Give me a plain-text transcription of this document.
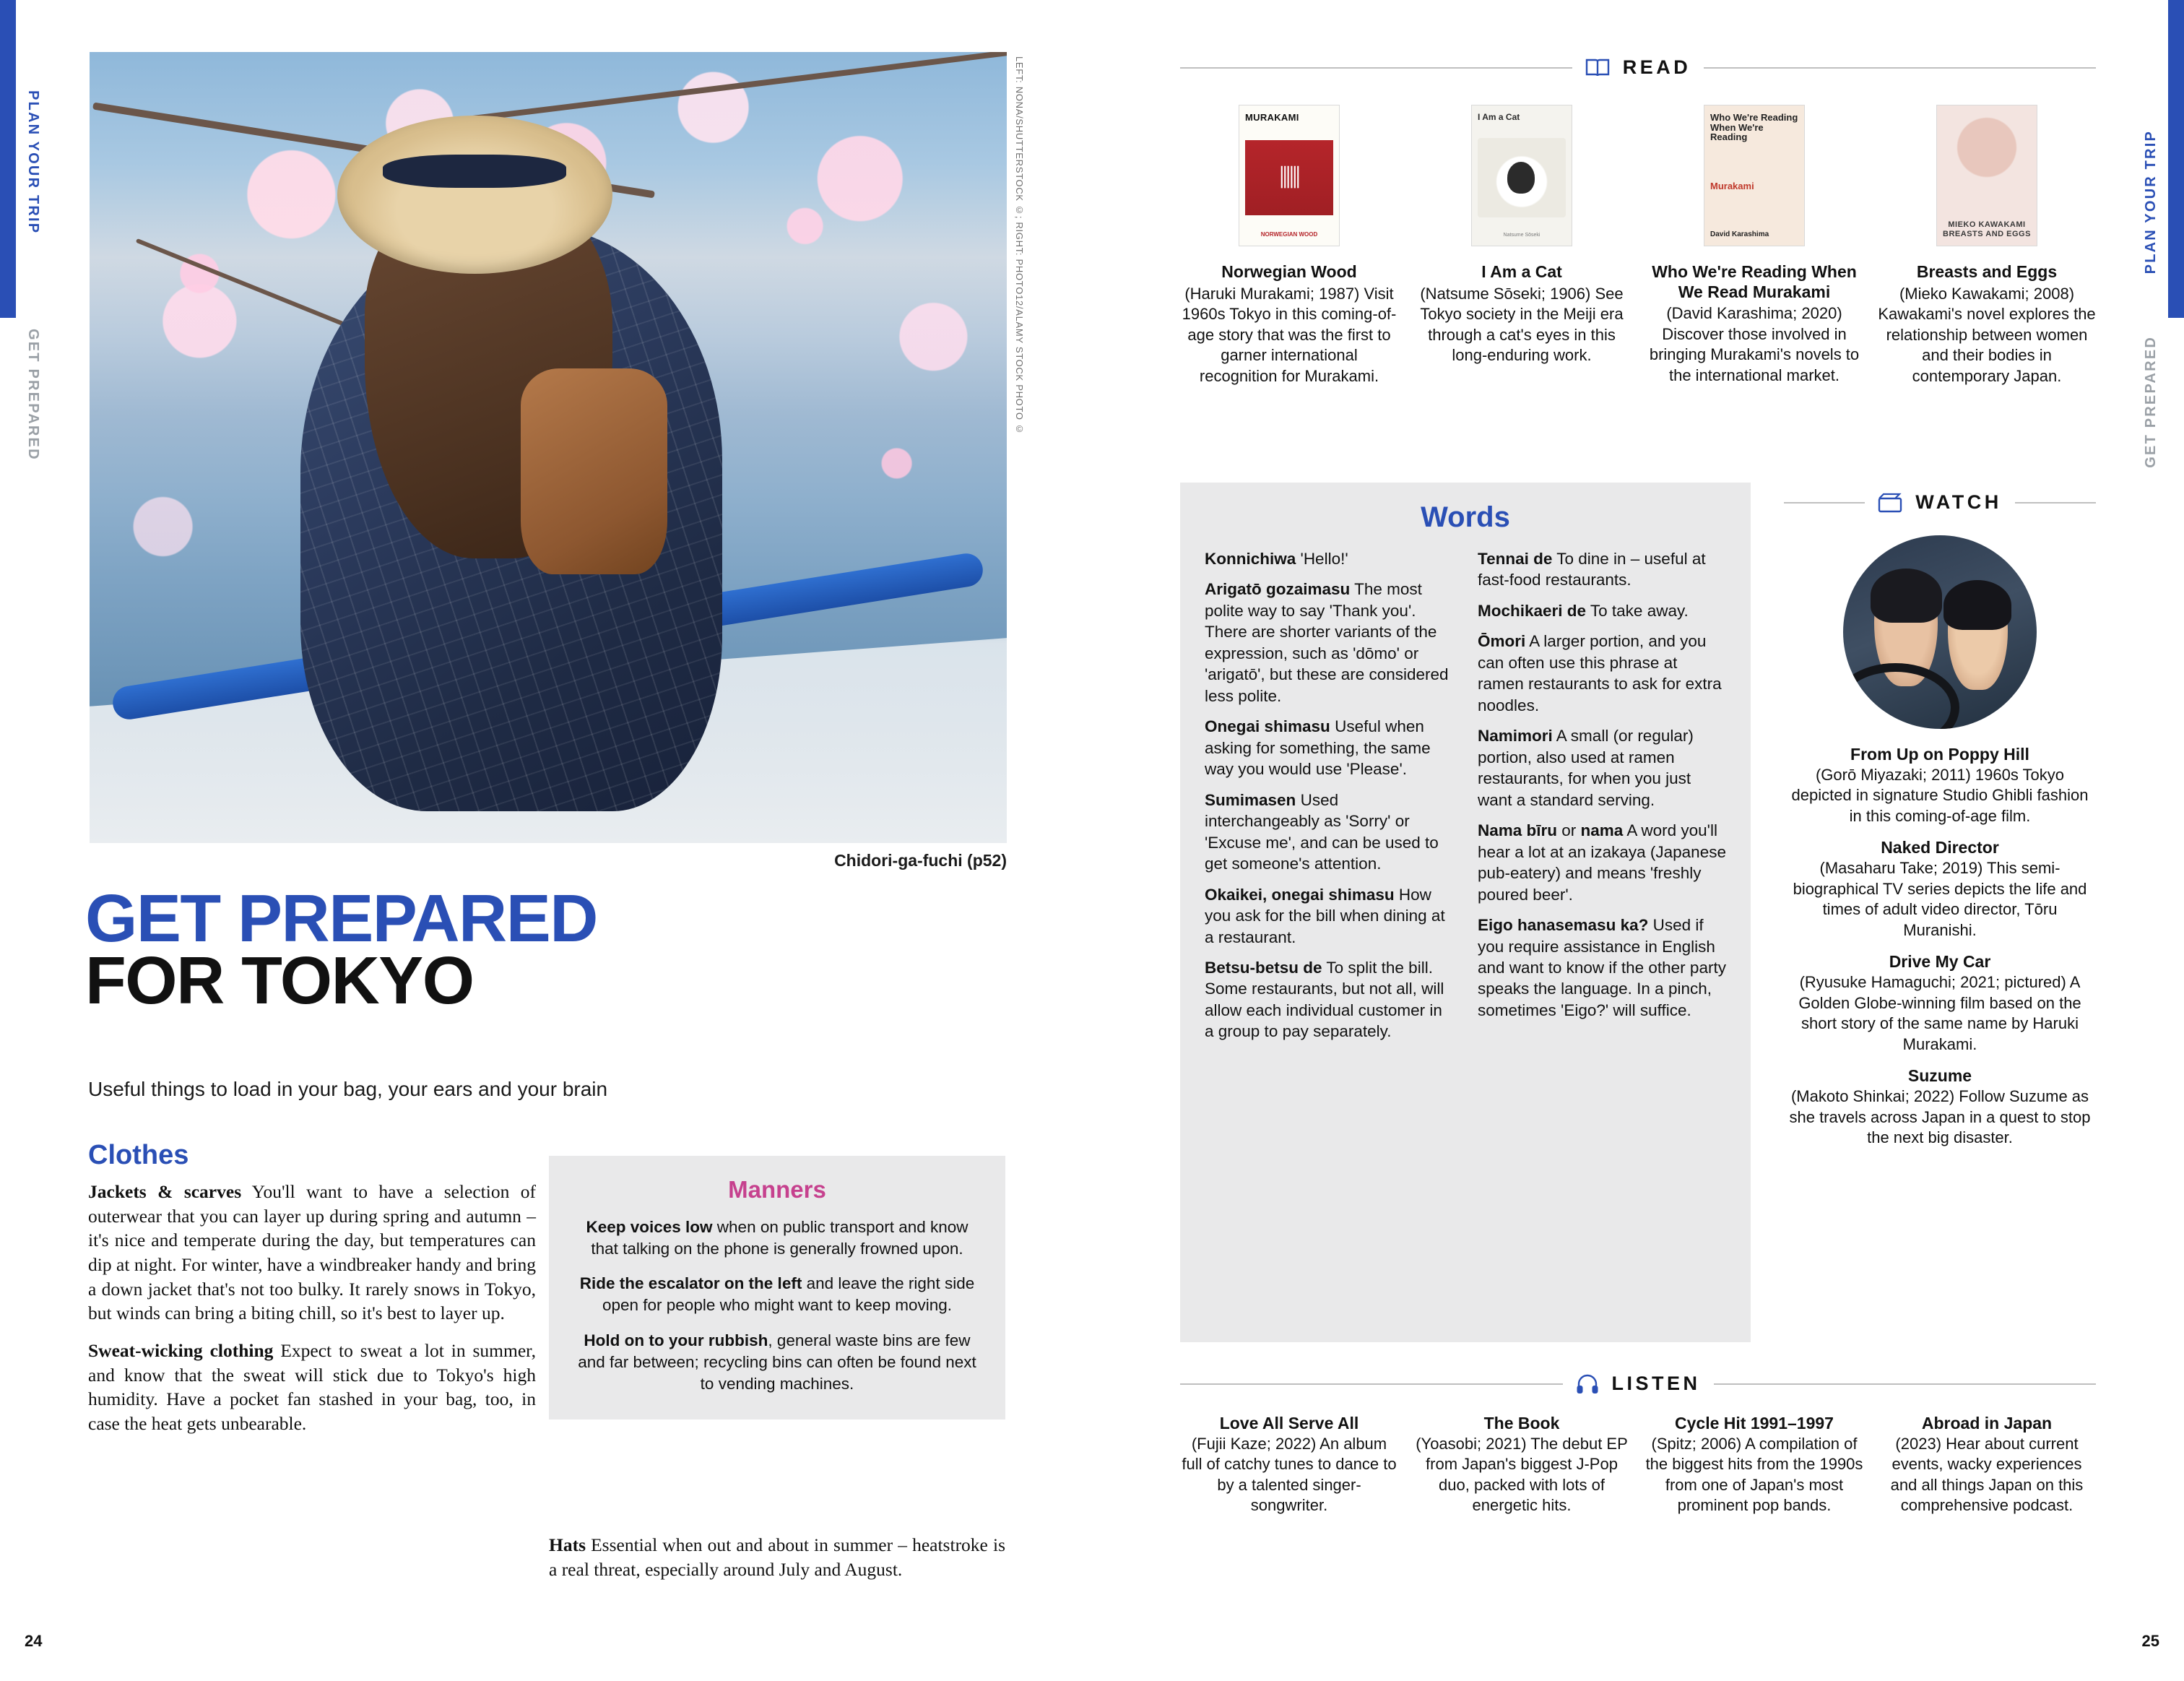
PLAN YOUR TRIP
GET PREPARED	LEFT: NONA/SHUTTERSTOCK ©; RIGHT: PHOTO12/ALAMY STOCK PHOTO ©
Chidori-ga-fuchi (p52)
GET PREPARED
FOR TOKYO
Useful things to load in your bag, your ears and your brain
Clothes

Jackets & scarves You'll want to have a selection of outerwear that you can layer up during spring and autumn – it's nice and temperate during the day, but temperatures can dip at night. For winter, have a windbreaker handy and bring a down jacket that's not too bulky. It rarely snows in Tokyo, but winds can bring a biting chill, so it's best to layer up.

Sweat-wicking clothing Expect to sweat a lot in summer, and know that the sweat will stick due to Tokyo's high humidity. Have a pocket fan stashed in your bag, too, in case the heat gets unbearable.

Manners
Keep voices low when on public transport and know that talking on the phone is generally frowned upon.
Ride the escalator on the left and leave the right side open for people who might want to keep moving.
Hold on to your rubbish, general waste bins are few and far between; recycling bins can often be found next to vending machines.

Hats Essential when out and about in summer – heatstroke is a real threat, especially around July and August.

24
PLAN YOUR TRIP
GET PREPARED
READ
MURAKAMI
⫼⫼
NORWEGIAN WOOD
Norwegian Wood
(Haruki Murakami; 1987) Visit 1960s Tokyo in this coming-of-age story that was the first to garner international recognition for Murakami.
I Am a Cat
Natsume Sōseki
I Am a Cat
(Natsume Sōseki; 1906) See Tokyo society in the Meiji era through a cat's eyes in this long-enduring work.
Who We're Reading When We're Reading
Murakami
David Karashima
Who We're Reading When We Read Murakami
(David Karashima; 2020) Discover those involved in bringing Murakami's novels to the international market.
MIEKO KAWAKAMI BREASTS AND EGGS
Breasts and Eggs
(Mieko Kawakami; 2008) Kawakami's novel explores the relationship between women and their bodies in contemporary Japan.
Words
Konnichiwa 'Hello!'
Arigatō gozaimasu The most polite way to say 'Thank you'. There are shorter variants of the expression, such as 'dōmo' or 'arigatō', but these are considered less polite.
Onegai shimasu Useful when asking for something, the same way you would use 'Please'.
Sumimasen Used interchangeably as 'Sorry' or 'Excuse me', and can be used to get someone's attention.
Okaikei, onegai shimasu How you ask for the bill when dining at a restaurant.
Betsu-betsu de To split the bill. Some restaurants, but not all, will allow each individual customer in a group to pay separately.
Tennai de To dine in – useful at fast-food restaurants.
Mochikaeri de To take away.
Ōmori A larger portion, and you can often use this phrase at ramen restaurants to ask for extra noodles.
Namimori A small (or regular) portion, also used at ramen restaurants, for when you just want a standard serving.
Nama bīru or nama A word you'll hear a lot at an izakaya (Japanese pub-eatery) and means 'freshly poured beer'.
Eigo hanasemasu ka? Used if you require assistance in English and want to know if the other party speaks the language. In a pinch, sometimes 'Eigo?' will suffice.
WATCH
From Up on Poppy Hill
(Gorō Miyazaki; 2011) 1960s Tokyo depicted in signature Studio Ghibli fashion in this coming-of-age film.
Naked Director
(Masaharu Take; 2019) This semi-biographical TV series depicts the life and times of adult video director, Tōru Muranishi.
Drive My Car
(Ryusuke Hamaguchi; 2021; pictured) A Golden Globe-winning film based on the short story of the same name by Haruki Murakami.
Suzume
(Makoto Shinkai; 2022) Follow Suzume as she travels across Japan in a quest to stop the next big disaster.
LISTEN
Love All Serve All
(Fujii Kaze; 2022) An album full of catchy tunes to dance to by a talented singer-songwriter.
The Book
(Yoasobi; 2021) The debut EP from Japan's biggest J-Pop duo, packed with lots of energetic hits.
Cycle Hit 1991–1997
(Spitz; 2006) A compilation of the biggest hits from the 1990s from one of Japan's most prominent pop bands.
Abroad in Japan
(2023) Hear about current events, wacky experiences and all things Japan on this comprehensive podcast.
25
